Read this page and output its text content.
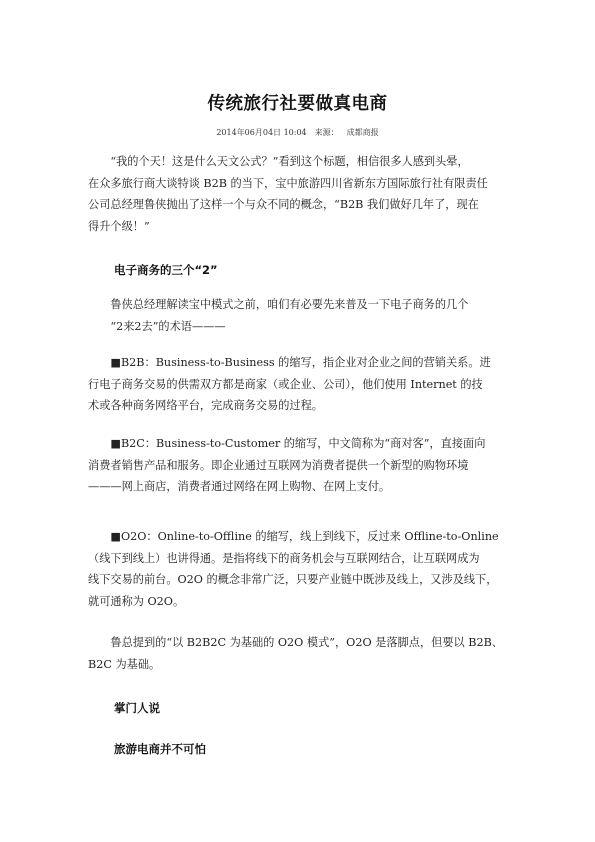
传统旅行社要做真电商
2014年06月04日 10:04 来源： 成都商报
　　“我的个天！这是什么天文公式？”看到这个标题，相信很多人感到头晕，
在众多旅行商大谈特谈 B2B 的当下，宝中旅游四川省新东方国际旅行社有限责任
公司总经理鲁侠抛出了这样一个与众不同的概念，“B2B 我们做好几年了，现在
得升个级！”
电子商务的三个“2”
　　鲁侠总经理解读宝中模式之前，咱们有必要先来普及一下电子商务的几个
　　“2来2去”的术语———
　　■B2B：Business-to-Business 的缩写，指企业对企业之间的营销关系。进
行电子商务交易的供需双方都是商家（或企业、公司），他们使用 Internet 的技
术或各种商务网络平台，完成商务交易的过程。
　　■B2C：Business-to-Customer 的缩写，中文简称为“商对客”，直接面向
消费者销售产品和服务。即企业通过互联网为消费者提供一个新型的购物环境
———网上商店，消费者通过网络在网上购物、在网上支付。
　　■O2O：Online-to-Offline 的缩写，线上到线下，反过来 Offline-to-Online
（线下到线上）也讲得通。是指将线下的商务机会与互联网结合，让互联网成为
线下交易的前台。O2O 的概念非常广泛，只要产业链中既涉及线上，又涉及线下，
就可通称为 O2O。
　　鲁总提到的“以 B2B2C 为基础的 O2O 模式”，O2O 是落脚点，但要以 B2B、
B2C 为基础。
掌门人说
旅游电商并不可怕
